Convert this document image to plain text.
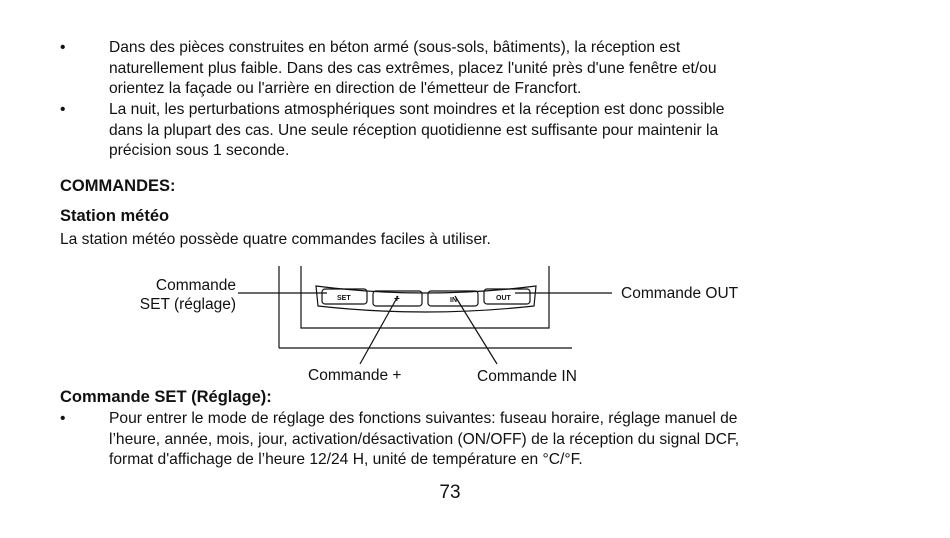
•	Dans des pièces construites en béton armé (sous-sols, bâtiments), la réception est
naturellement plus faible. Dans des cas extrêmes, placez l'unité près d'une fenêtre et/ou
orientez la façade ou l'arrière en direction de l'émetteur de Francfort.
•	La nuit, les perturbations atmosphériques sont moindres et la réception est donc possible
dans la plupart des cas. Une seule réception quotidienne est suffisante pour maintenir la
précision sous 1 seconde.
COMMANDES:
Station météo
La station météo possède quatre commandes faciles à utiliser.
SET	+	IN	OUT
Commande
SET (réglage)
Commande OUT
Commande +	Commande IN
Commande SET (Réglage):
•	Pour entrer le mode de réglage des fonctions suivantes: fuseau horaire, réglage manuel de
l’heure, année, mois, jour, activation/désactivation (ON/OFF) de la réception du signal DCF,
format d'affichage de l’heure 12/24 H, unité de température en °C/°F.
73
